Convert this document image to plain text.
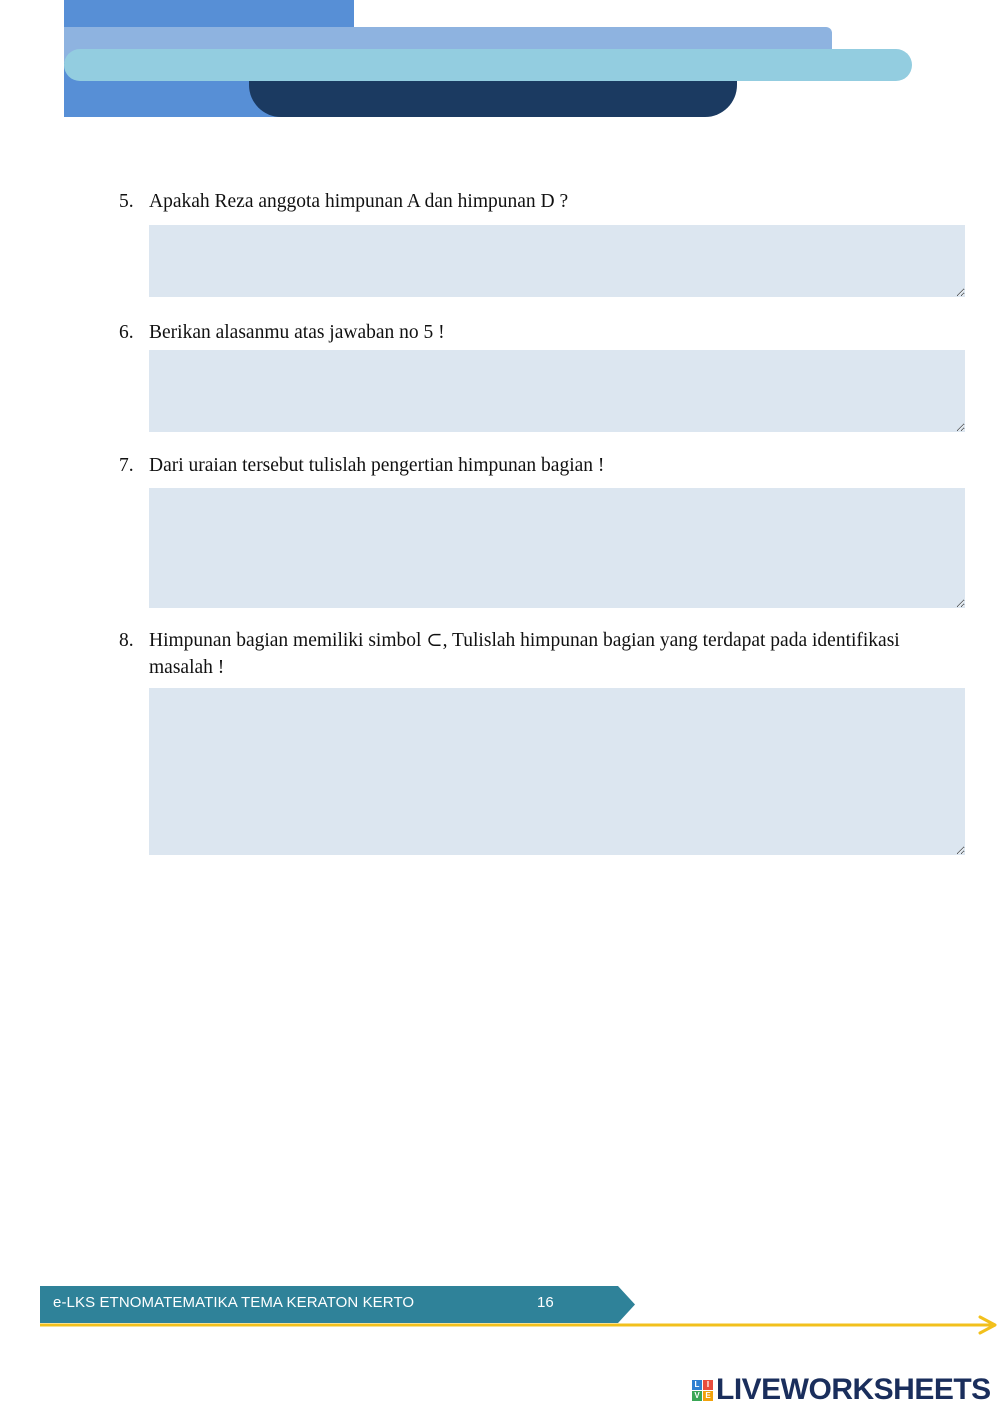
5. Apakah Reza anggota himpunan A dan himpunan D ?
6. Berikan alasanmu atas jawaban no 5 !
7. Dari uraian tersebut tulislah pengertian himpunan bagian !
8. Himpunan bagian memiliki simbol ⊂, Tulislah himpunan bagian yang terdapat pada identifikasi masalah !
e-LKS ETNOMATEMATIKA TEMA KERATON KERTO	16
L I
V E LIVEWORKSHEETS
